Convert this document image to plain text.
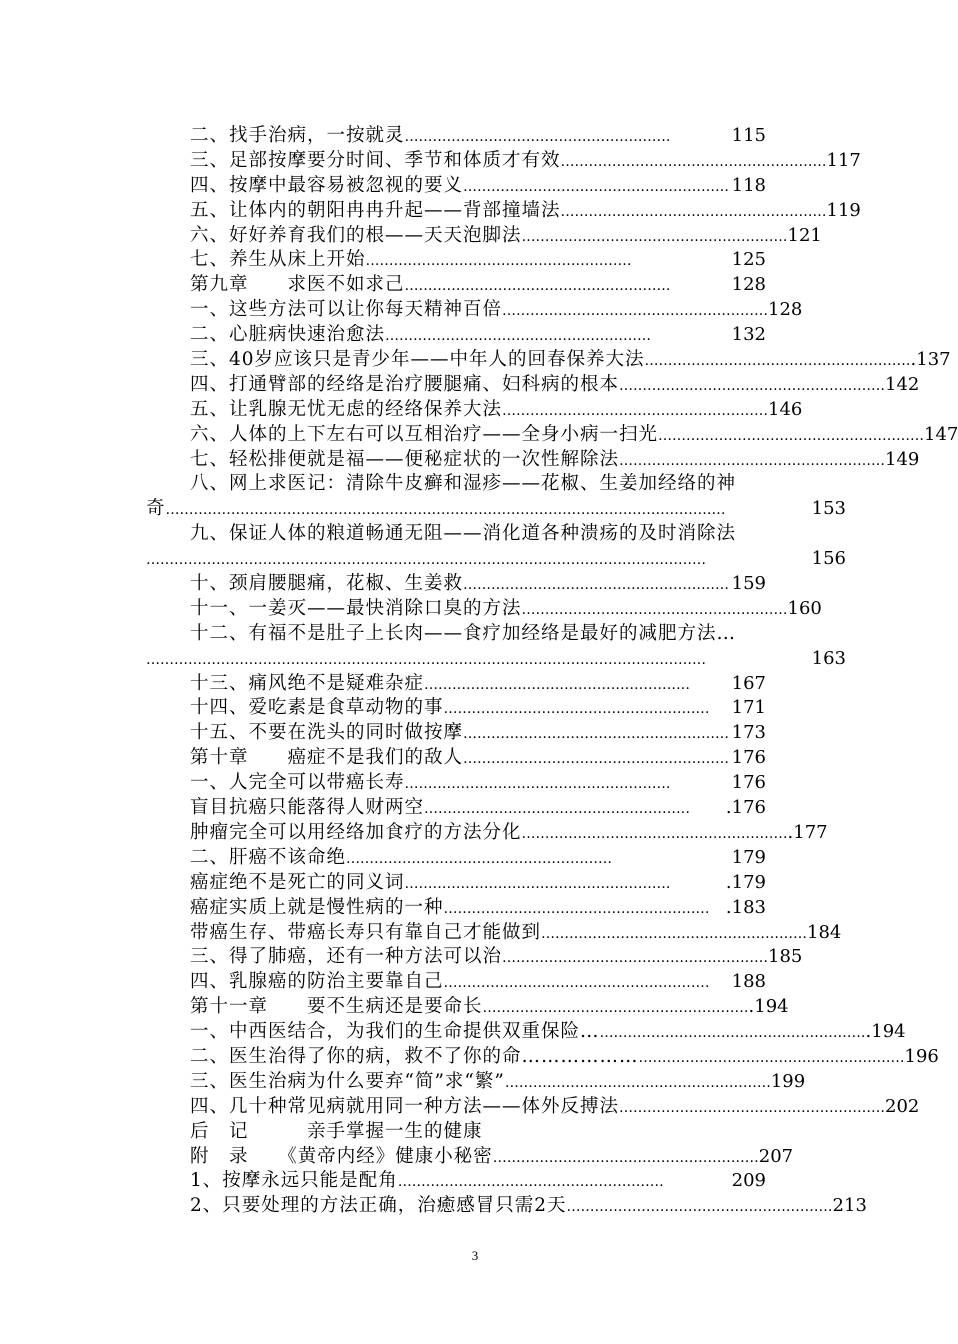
二、找手治病，一按就灵 …………………………………………………	115
三、足部按摩要分时间、季节和体质才有效 ………………………………………………… 117
四、按摩中最容易被忽视的要义 ………………………………………………… 118
五、让体内的朝阳冉冉升起——背部撞墙法 ………………………………………………… 119
六、好好养育我们的根——天天泡脚法 ………………………………………………… 121
七、养生从床上开始 …………………………………………………	125
第九章　　求医不如求己 …………………………………………………	128
一、这些方法可以让你每天精神百倍 ………………………………………………… 128
二、心脏病快速治愈法 …………………………………………………	132
三、40岁应该只是青少年——中年人的回春保养大法 ………………………………………………… .137
四、打通臂部的经络是治疗腰腿痛、妇科病的根本 ………………………………………………… 142
五、让乳腺无忧无虑的经络保养大法 ………………………………………………… 146
六、人体的上下左右可以互相治疗——全身小病一扫光 ………………………………………………… 147
七、轻松排便就是福——便秘症状的一次性解除法 ………………………………………………… 149
八、网上求医记：清除牛皮癣和湿疹——花椒、生姜加经络的神
奇 …………………………………………………………………………………………………………	153
九、保证人体的粮道畅通无阻——消化道各种溃疡的及时消除法
…………………………………………………………………………………………………………	156
十、颈肩腰腿痛，花椒、生姜救 ………………………………………………… 159
十一、一姜灭——最快消除口臭的方法 ………………………………………………… 160
十二、有福不是肚子上长肉——食疗加经络是最好的减肥方法…
…………………………………………………………………………………………………………	163
十三、痛风绝不是疑难杂症 …………………………………………………	167
十四、爱吃素是食草动物的事 …………………………………………………	171
十五、不要在洗头的同时做按摩 ………………………………………………… 173
第十章　　癌症不是我们的敌人 ………………………………………………… 176
一、人完全可以带癌长寿 …………………………………………………	176
盲目抗癌只能落得人财两空 …………………………………………………	.176
肿瘤完全可以用经络加食疗的方法分化 ………………………………………………… .177
二、肝癌不该命绝 …………………………………………………	179
癌症绝不是死亡的同义词 …………………………………………………	.179
癌症实质上就是慢性病的一种 ………………………………………………… .183
带癌生存、带癌长寿只有靠自己才能做到 ………………………………………………… 184
三、得了肺癌，还有一种方法可以治 ………………………………………………… 185
四、乳腺癌的防治主要靠自己 …………………………………………………	188
第十一章　　要不生病还是要命长 ………………………………………………… .194
一、中西医结合，为我们的生命提供双重保险… ………………………………………………… .194
二、医生治得了你的病，救不了你的命……………… ………………………………………………… 196
三、医生治病为什么要弃“简”求“繁” ………………………………………………… 199
四、几十种常见病就用同一种方法——体外反搏法 ………………………………………………… 202
后　记　　　亲手掌握一生的健康
附　录　　《黄帝内经》健康小秘密 ………………………………………………… 207
1、按摩永远只能是配角 …………………………………………………	209
2、只要处理的方法正确，治癒感冒只需2天 ………………………………………………… 213
3
